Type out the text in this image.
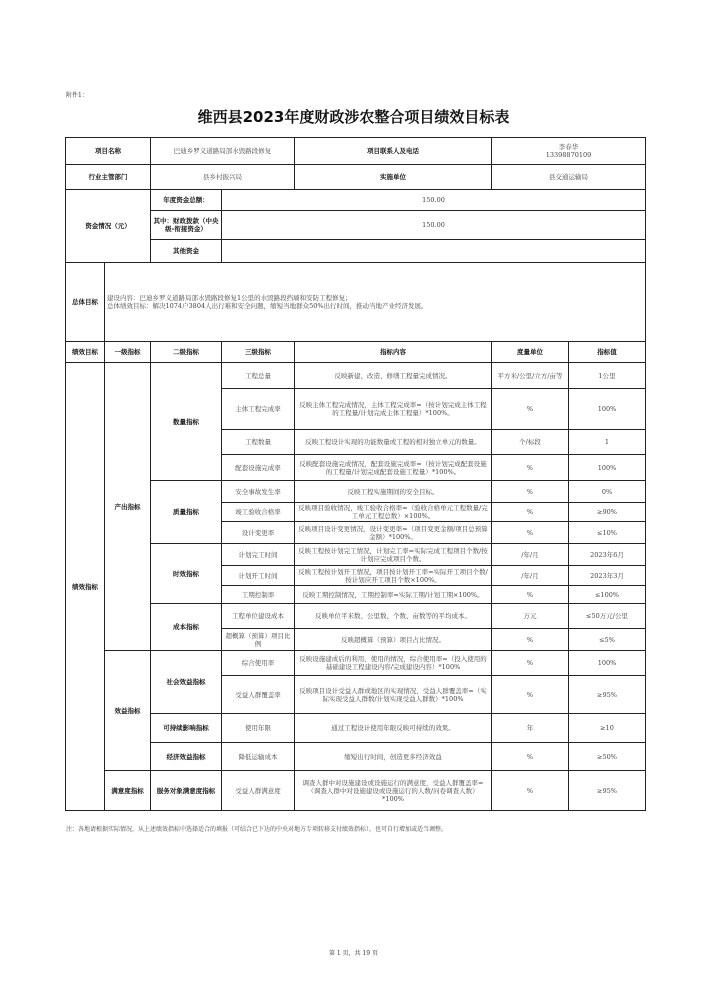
附件1：
维西县2023年度财政涉农整合项目绩效目标表
项目名称		巴迪乡罗义道路局部水毁路段修复		项目联系人及电话	李春华
13398870109	

行业主管部门		县乡村振兴局		实施单位	县交通运输局	
资金情况（元）		年度资金总额：	150.00			
		其中：财政拨款（中央级-衔接资金）	150.00			
		其他资金				
总体目标	建设内容：巴迪乡罗义道路局部水毁路段修复1公里的水毁路段挡墙和安防工程修复；
总体绩效目标：解决1074户3804人出行难和安全问题，缩短当地群众50%出行时间，推动当地产业经济发展。					

绩效目标	一级指标	二级指标	三级指标	指标内容	度量单位	指标值
绩效指标	产出指标	数量指标	工程总量	反映新建、改造、修缮工程量完成情况。	平方米/公里/立方/亩等	1公里
			主体工程完成率	反映主体工程完成情况，主体工程完成率=（按计划完成主体工程的工程量/计划完成主体工程量）*100%。	%	100%
			工程数量	反映工程设计实现的功能数量或工程的相对独立单元的数量。	个/标段	1
			配套设施完成率	反映配套设施完成情况，配套设施完成率=（按计划完成配套设施的工程量/计划完成配套设施工程量）*100%。	%	100%
		质量指标	安全事故发生率	反映工程实施期间的安全目标。	%	0%
			竣工验收合格率	反映项目验收情况，竣工验收合格率=（验收合格单元工程数量/完工单元工程总数）×100%。	%	≥90%
			设计变更率	反映项目设计变更情况，设计变更率=（项目变更金额/项目总预算金额）*100%。	%	≤10%
		时效指标	计划完工时间	反映工程按计划完工情况，计划完工率=实际完成工程项目个数/按计划应完成项目个数。	/年/月	2023年6月
			计划开工时间	反映工程按计划开工情况，项目按计划开工率=实际开工项目个数/按计划应开工项目个数×100%。	/年/月	2023年3月
			工期控制率	反映工期控制情况，工期控制率=实际工期/计划工期×100%。	%	≤100%
		成本指标	工程单位建设成本	反映单位平米数、公里数、个数、亩数等的平均成本。	万元	≤50万元/公里
			超概算（预算）项目比例	反映超概算（预算）项目占比情况。	%	≤5%
	效益指标	社会效益指标	综合使用率	反映设施建成后的利用、使用的情况，综合使用率=（投入使用的基础建设工程建设内容/完成建设内容）*100%	%	100%
			受益人群覆盖率	反映项目设计受益人群或地区的实现情况，受益人群覆盖率=（实际实现受益人群数/计划实现受益人群数）*100%	%	≥95%
		可持续影响指标	使用年限	通过工程设计使用年限反映可持续的效果。	年	≥10
		经济效益指标	降低运输成本	缩短出行时间，创造更多经济效益	%	≥50%
	满意度指标	服务对象满意度指标	受益人群满意度	调查人群中对设施建设或设施运行的满意度，受益人群覆盖率=（调查人群中对设施建设或设施运行的人数/问卷调查人数）*100%	%	≥95%
注：各地请根据实际情况，从上述绩效指标中选择适合的填报（可结合已下达的中央对地方专项转移支付绩效指标），也可自行增加或适当调整。
第 1 页，共 19 页
